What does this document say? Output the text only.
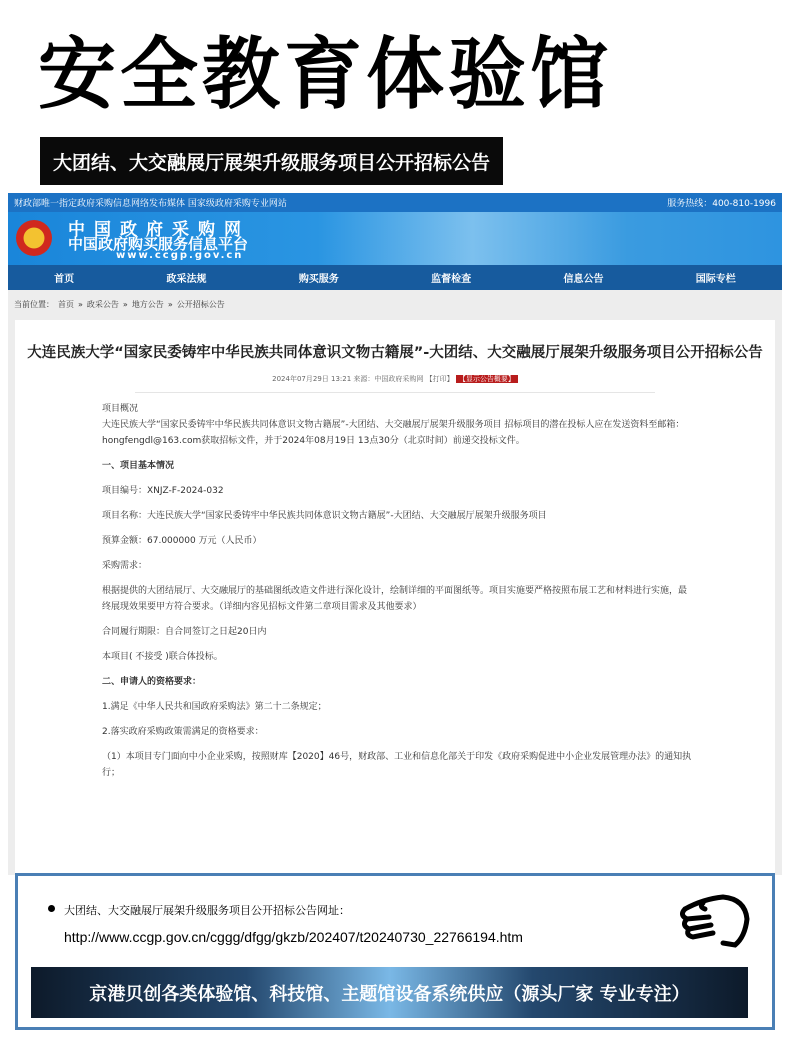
安全教育体验馆
大团结、大交融展厅展架升级服务项目公开招标公告
财政部唯一指定政府采购信息网络发布媒体 国家级政府采购专业网站	服务热线：400-810-1996
中国政府采购网
中国政府购买服务信息平台
www.ccgp.gov.cn
首页	政采法规	购买服务	监督检查	信息公告	国际专栏
当前位置： 首页 » 政采公告 » 地方公告 » 公开招标公告
大连民族大学“国家民委铸牢中华民族共同体意识文物古籍展”-大团结、大交融展厅展架升级服务项目公开招标公告
2024年07月29日 13:21 来源：中国政府采购网 【打印】 【显示公告概要】

项目概况

大连民族大学“国家民委铸牢中华民族共同体意识文物古籍展”-大团结、大交融展厅展架升级服务项目 招标项目的潜在投标人应在发送资料至邮箱：hongfengdl@163.com获取招标文件，并于2024年08月19日 13点30分（北京时间）前递交投标文件。

一、项目基本情况

项目编号：XNJZ-F-2024-032

项目名称：大连民族大学“国家民委铸牢中华民族共同体意识文物古籍展”-大团结、大交融展厅展架升级服务项目

预算金额：67.000000 万元（人民币）

采购需求：

根据提供的大团结展厅、大交融展厅的基础图纸改造文件进行深化设计，绘制详细的平面图纸等。项目实施要严格按照布展工艺和材料进行实施，最终展现效果要甲方符合要求。（详细内容见招标文件第二章项目需求及其他要求）

合同履行期限：自合同签订之日起20日内

本项目( 不接受 )联合体投标。

二、申请人的资格要求：

1.满足《中华人民共和国政府采购法》第二十二条规定；

2.落实政府采购政策需满足的资格要求：

（1）本项目专门面向中小企业采购，按照财库【2020】46号，财政部、工业和信息化部关于印发《政府采购促进中小企业发展管理办法》的通知执行；

大团结、大交融展厅展架升级服务项目公开招标公告网址：
http://www.ccgp.gov.cn/cggg/dfgg/gkzb/202407/t20240730_22766194.htm
京港贝创各类体验馆、科技馆、主题馆设备系统供应（源头厂家 专业专注）
